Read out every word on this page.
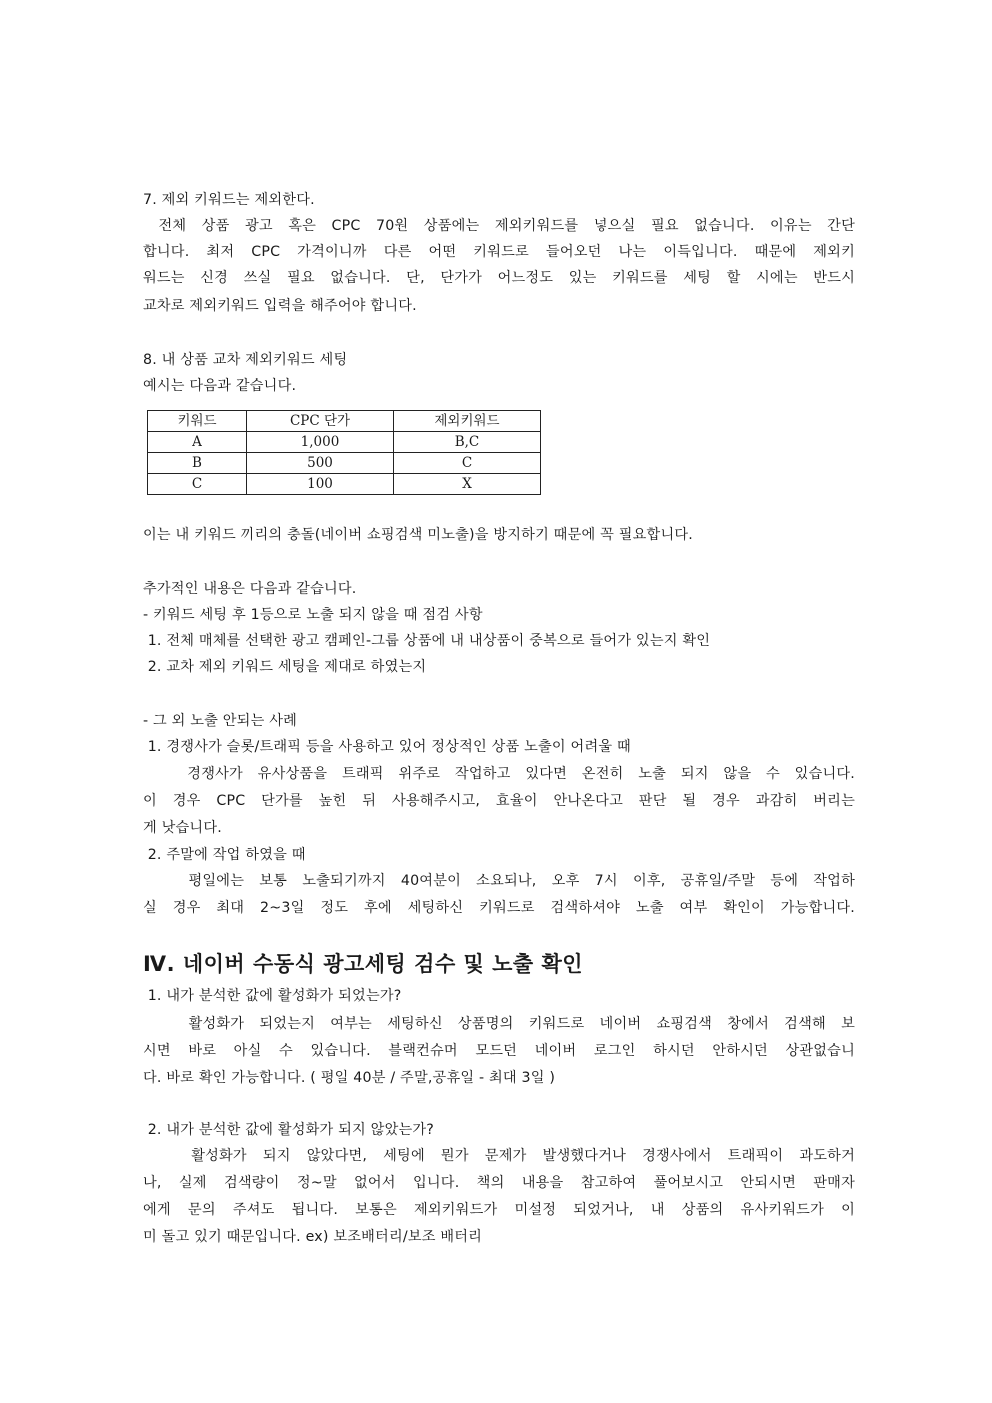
7. 제외 키워드는 제외한다.
전체 상품 광고 혹은 CPC 70원 상품에는 제외키워드를 넣으실 필요 없습니다. 이유는 간단
합니다. 최저 CPC 가격이니까 다른 어떤 키워드로 들어오던 나는 이득입니다. 때문에 제외키
워드는 신경 쓰실 필요 없습니다. 단, 단가가 어느정도 있는 키워드를 세팅 할 시에는 반드시
교차로 제외키워드 입력을 해주어야 합니다.
8. 내 상품 교차 제외키워드 세팅
예시는 다음과 같습니다.
키워드	CPC 단가	제외키워드
A	1,000	B,C
B	500	C
C	100	X
이는 내 키워드 끼리의 충돌(네이버 쇼핑검색 미노출)을 방지하기 때문에 꼭 필요합니다.
추가적인 내용은 다음과 같습니다.
- 키워드 세팅 후 1등으로 노출 되지 않을 때 점검 사항
1. 전체 매체를 선택한 광고 캠페인-그룹 상품에 내 내상품이 중복으로 들어가 있는지 확인
2. 교차 제외 키워드 세팅을 제대로 하였는지
- 그 외 노출 안되는 사례
1. 경쟁사가 슬롯/트래픽 등을 사용하고 있어 정상적인 상품 노출이 어려울 때
경쟁사가 유사상품을 트래픽 위주로 작업하고 있다면 온전히 노출 되지 않을 수 있습니다.
이 경우 CPC 단가를 높힌 뒤 사용해주시고, 효율이 안나온다고 판단 될 경우 과감히 버리는
게 낫습니다.
2. 주말에 작업 하였을 때
평일에는 보통 노출되기까지 40여분이 소요되나, 오후 7시 이후, 공휴일/주말 등에 작업하
실 경우 최대 2~3일 정도 후에 세팅하신 키워드로 검색하셔야 노출 여부 확인이 가능합니다.
Ⅳ. 네이버 수동식 광고세팅 검수 및 노출 확인
1. 내가 분석한 값에 활성화가 되었는가?
활성화가 되었는지 여부는 세팅하신 상품명의 키워드로 네이버 쇼핑검색 창에서 검색해 보
시면 바로 아실 수 있습니다. 블랙컨슈머 모드던 네이버 로그인 하시던 안하시던 상관없습니
다. 바로 확인 가능합니다. ( 평일 40분 / 주말,공휴일 - 최대 3일 )
2. 내가 분석한 값에 활성화가 되지 않았는가?
활성화가 되지 않았다면, 세팅에 뭔가 문제가 발생했다거나 경쟁사에서 트래픽이 과도하거
나, 실제 검색량이 정~말 없어서 입니다. 책의 내용을 참고하여 풀어보시고 안되시면 판매자
에게 문의 주셔도 됩니다. 보통은 제외키워드가 미설정 되었거나, 내 상품의 유사키워드가 이
미 돌고 있기 때문입니다. ex) 보조배터리/보조 배터리
